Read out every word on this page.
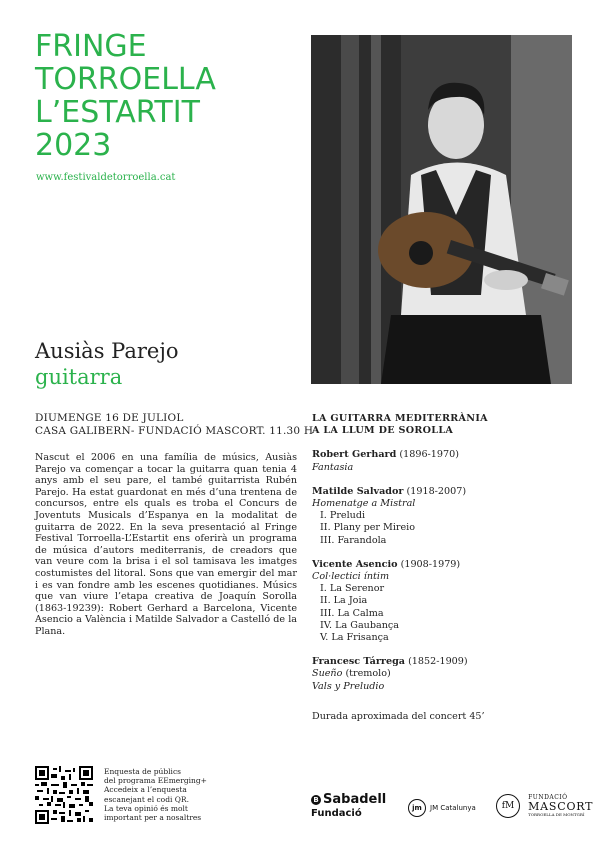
FRINGE
TORROELLA
L’ESTARTIT
2023
www.festivaldetorroella.cat
Ausiàs Parejo
guitarra
DIUMENGE 16 DE JULIOL
CASA GALIBERN- FUNDACIÓ MASCORT. 11.30 H
Nascut el 2006 en una família de músics, Ausiàs Parejo va començar a tocar la guitarra quan tenia 4 anys amb el seu pare, el també guitarrista Rubén Parejo. Ha estat guardonat en més d’una trentena de concursos, entre els quals es troba el Concurs de Joventuts Musicals d’Espanya en la modalitat de guitarra de 2022. En la seva presentació al Fringe Festival Torroella-L’Estartit ens oferirà un programa de música d’autors mediterranis, de creadors que van veure com la brisa i el sol tamisava les imatges costumistes del litoral. Sons que van emergir del mar i es van fondre amb les escenes quotidianes. Músics que van viure l’etapa creativa de Joaquín Sorolla (1863-19239): Robert Gerhard a Barcelona, Vicente Asencio a València i Matilde Salvador a Castelló de la Plana.
LA GUITARRA MEDITERRÀNIA
A LA LLUM DE SOROLLA
Robert Gerhard (1896-1970)
Fantasia
Matilde Salvador (1918-2007)
Homenatge a Mistral
I. Preludi
II. Plany per Mireio
III. Farandola
Vicente Asencio (1908-1979)
Col·lectici íntim
I. La Serenor
II. La Joia
III. La Calma
IV. La Gaubança
V. La Frisança
Francesc Tárrega (1852-1909)
Sueño (tremolo)
Vals y Preludio
Durada aproximada del concert 45’
Enquesta de públics
del programa EEmerging+
Accedeix a l’enquesta
escanejant el codi QR.
La teva opinió és molt
important per a nosaltres
B Sabadell
Fundació	jm JM Catalunya	fM
FUNDACIÓ
MASCORT
TORROELLA DE MONTGRÍ
